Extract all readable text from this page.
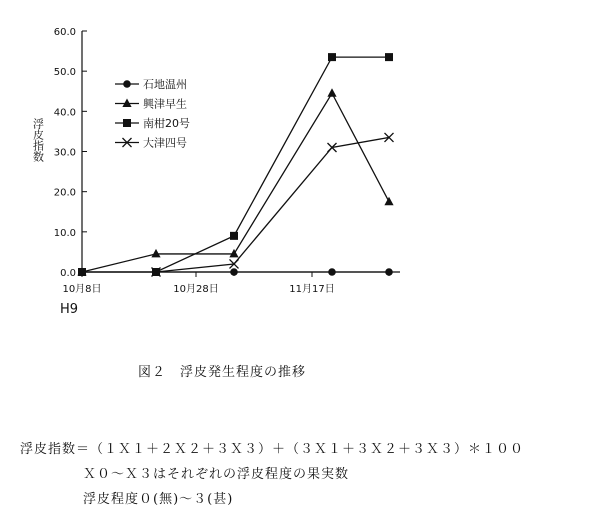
0.0
10.0
20.0
30.0
40.0
50.0
60.0
10月8日	10月28日	11月17日
石地温州
興津早生
南柑20号
大津四号
浮皮指数
H9
図２　浮皮発生程度の推移
浮皮指数＝（１Ｘ１＋２Ｘ２＋３Ｘ３）＋（３Ｘ１＋３Ｘ２＋３Ｘ３）＊１００
Ｘ０～Ｘ３はそれぞれの浮皮程度の果実数
浮皮程度０(無)～３(甚)
